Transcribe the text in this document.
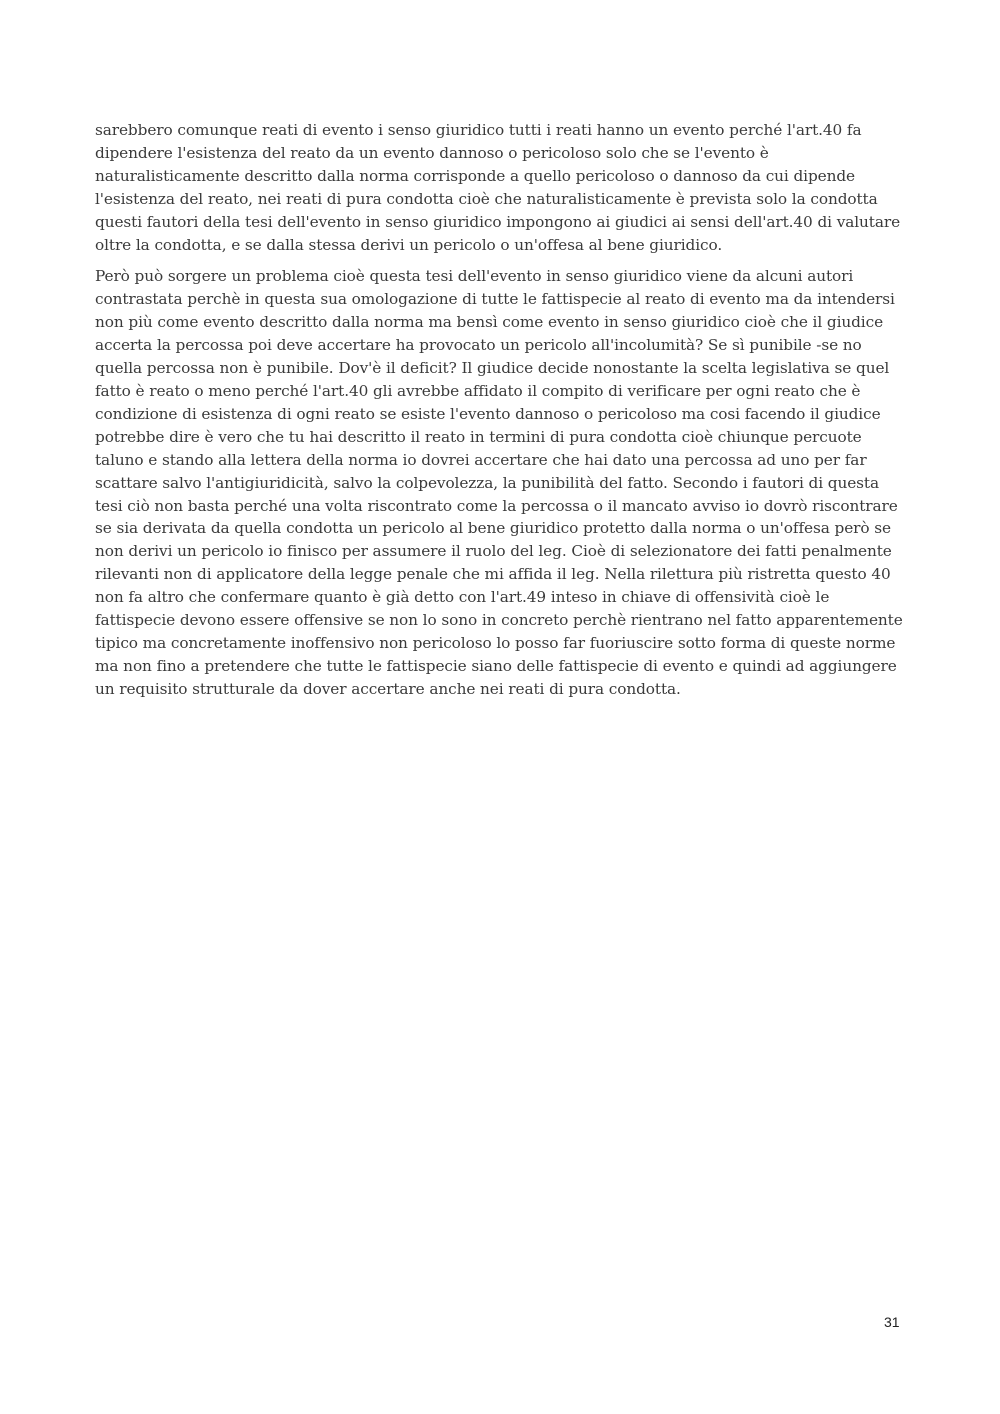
sarebbero comunque reati di evento i senso giuridico tutti i reati hanno un evento perché l'art.40 fa dipendere l'esistenza del reato da un evento dannoso o pericoloso solo che se l'evento è naturalisticamente descritto dalla norma corrisponde a quello pericoloso o dannoso da cui dipende l'esistenza del reato, nei reati di pura condotta cioè che naturalisticamente è prevista solo la condotta questi fautori della tesi dell'evento in senso giuridico impongono ai giudici ai sensi dell'art.40 di valutare oltre la condotta, e se dalla stessa derivi un pericolo o un'offesa al bene giuridico.

Però può sorgere un problema cioè questa tesi dell'evento in senso giuridico viene da alcuni autori contrastata perchè in questa sua omologazione di tutte le fattispecie al reato di evento ma da intendersi non più come evento descritto dalla norma ma bensì come evento in senso giuridico cioè che il giudice accerta la percossa poi deve accertare ha provocato un pericolo all'incolumità? Se sì punibile -se no quella percossa non è punibile. Dov'è il deficit? Il giudice decide nonostante la scelta legislativa se quel fatto è reato o meno perché l'art.40 gli avrebbe affidato il compito di verificare per ogni reato che è condizione di esistenza di ogni reato se esiste l'evento dannoso o pericoloso ma cosi facendo il giudice potrebbe dire è vero che tu hai descritto il reato in termini di pura condotta cioè chiunque percuote taluno e stando alla lettera della norma io dovrei accertare che hai dato una percossa ad uno per far scattare salvo l'antigiuridicità, salvo la colpevolezza, la punibilità del fatto. Secondo i fautori di questa tesi ciò non basta perché una volta riscontrato come la percossa o il mancato avviso io dovrò riscontrare se sia derivata da quella condotta un pericolo al bene giuridico protetto dalla norma o un'offesa però se non derivi un pericolo io finisco per assumere il ruolo del leg. Cioè di selezionatore dei fatti penalmente rilevanti non di applicatore della legge penale che mi affida il leg. Nella rilettura più ristretta questo 40 non fa altro che confermare quanto è già detto con l'art.49 inteso in chiave di offensività cioè le fattispecie devono essere offensive se non lo sono in concreto perchè rientrano nel fatto apparentemente tipico ma concretamente inoffensivo non pericoloso lo posso far fuoriuscire sotto forma di queste norme ma non fino a pretendere che tutte le fattispecie siano delle fattispecie di evento e quindi ad aggiungere un requisito strutturale da dover accertare anche nei reati di pura condotta.

31
